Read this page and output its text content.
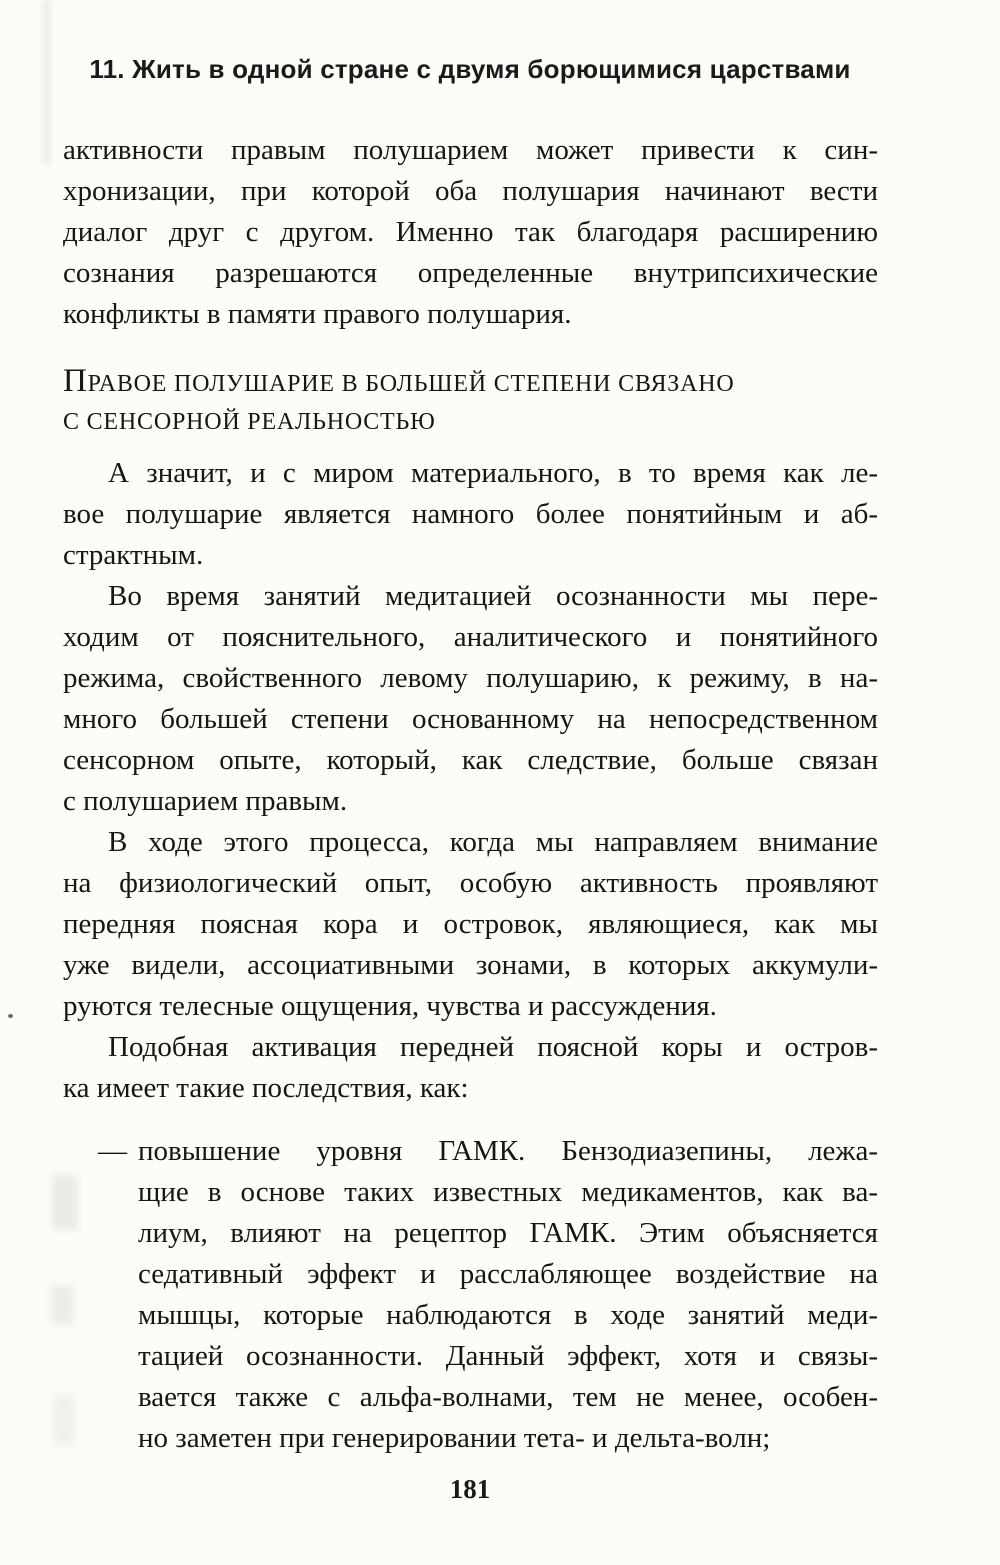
11. Жить в одной стране с двумя борющимися царствами
активности правым полушарием может привести к син-
хронизации, при которой оба полушария начинают вести
диалог друг с другом. Именно так благодаря расширению
сознания разрешаются определенные внутрипсихические
конфликты в памяти правого полушария.
ПРАВОЕ ПОЛУШАРИЕ В БОЛЬШЕЙ СТЕПЕНИ СВЯЗАНО
С СЕНСОРНОЙ РЕАЛЬНОСТЬЮ
А значит, и с миром материального, в то время как ле-
вое полушарие является намного более понятийным и аб-
страктным.
Во время занятий медитацией осознанности мы пере-
ходим от пояснительного, аналитического и понятийного
режима, свойственного левому полушарию, к режиму, в на-
много большей степени основанному на непосредственном
сенсорном опыте, который, как следствие, больше связан
с полушарием правым.
В ходе этого процесса, когда мы направляем внимание
на физиологический опыт, особую активность проявляют
передняя поясная кора и островок, являющиеся, как мы
уже видели, ассоциативными зонами, в которых аккумули-
руются телесные ощущения, чувства и рассуждения.
Подобная активация передней поясной коры и остров-
ка имеет такие последствия, как:
— повышение уровня ГАМК. Бензодиазепины, лежа-
щие в основе таких известных медикаментов, как ва-
лиум, влияют на рецептор ГАМК. Этим объясняется
седативный эффект и расслабляющее воздействие на
мышцы, которые наблюдаются в ходе занятий меди-
тацией осознанности. Данный эффект, хотя и связы-
вается также с альфа-волнами, тем не менее, особен-
но заметен при генерировании тета- и дельта-волн;
181
